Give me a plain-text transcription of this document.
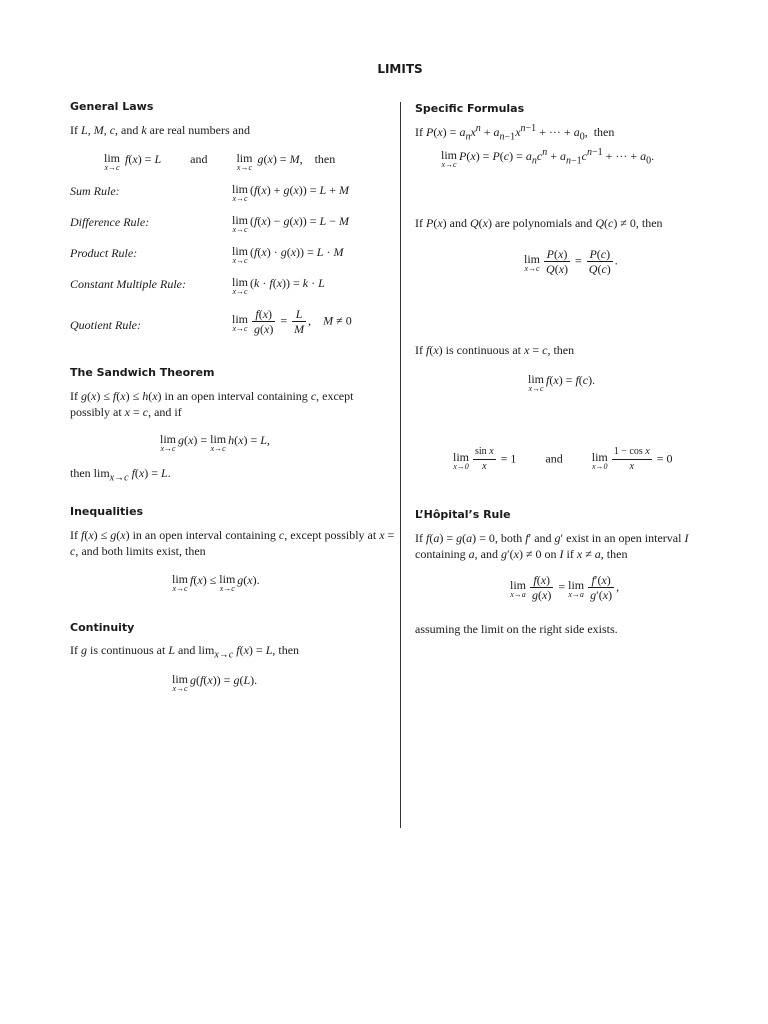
LIMITS
General Laws
If L, M, c, and k are real numbers and
lim
x→c
f(x) = L and lim
x→c
g(x) = M,    then
Sum Rule:	lim
x→c
(f(x) + g(x)) = L + M
Difference Rule:	lim
x→c
(f(x) − g(x)) = L − M
Product Rule:	lim
x→c
(f(x) · g(x)) = L · M
Constant Multiple Rule:	lim
x→c
(k · f(x)) = k · L
Quotient Rule:	lim
$x\to c \frac{f(x)}{g(x)} = \frac{L}{M}$ ,    M ≠ 0
The Sandwich Theorem
If g(x) ≤ f(x) ≤ h(x) in an open interval containing c, except possibly at x = c, and if
lim
x→c
g(x) = lim
x→c
h(x) = L,
then $\lim_{x\to c} f(x) = L$.
Inequalities
If f(x) ≤ g(x) in an open interval containing c, except possibly at x = c, and both limits exist, then
lim
x→c
f(x) ≤ lim
x→c
g(x).
Continuity
If g is continuous at L and $\lim_{x\to c} f(x) = L$, then
lim
x→c
g(f(x)) = g(L).
Specific Formulas
If $P(x) = a_nx^n + a_{n-1}x^{n-1}$ + ··· + $a_0$,  then
lim
x→c
$P(x) = P(c) = a_nc^n + a_{n-1}c^{n-1}$ + ··· + $a_0$.
If P(x) and Q(x) are polynomials and Q(c) ≠ 0, then
lim
$x\to c \frac{P(x)}{Q(x)} = \frac{P(c)}{Q(c)}$ .
If f(x) is continuous at x = c, then
lim
x→c
f(x) = f(c).
lim
$x\to 0 \frac{\text{sin x}}{x} = 1$ and lim
$x\to 0 \frac{\text{1 − cos x}}{x} = 0$
L’Hôpital’s Rule
If f(a) = g(a) = 0, both f′ and g′ exist in an open interval I containing a, and g′(x) ≠ 0 on I if x ≠ a, then
lim
$x\to a \frac{f(x)}{g(x)} = \lim$
$x\to a \frac{f'(x)}{g'(x)}$ ,
assuming the limit on the right side exists.
